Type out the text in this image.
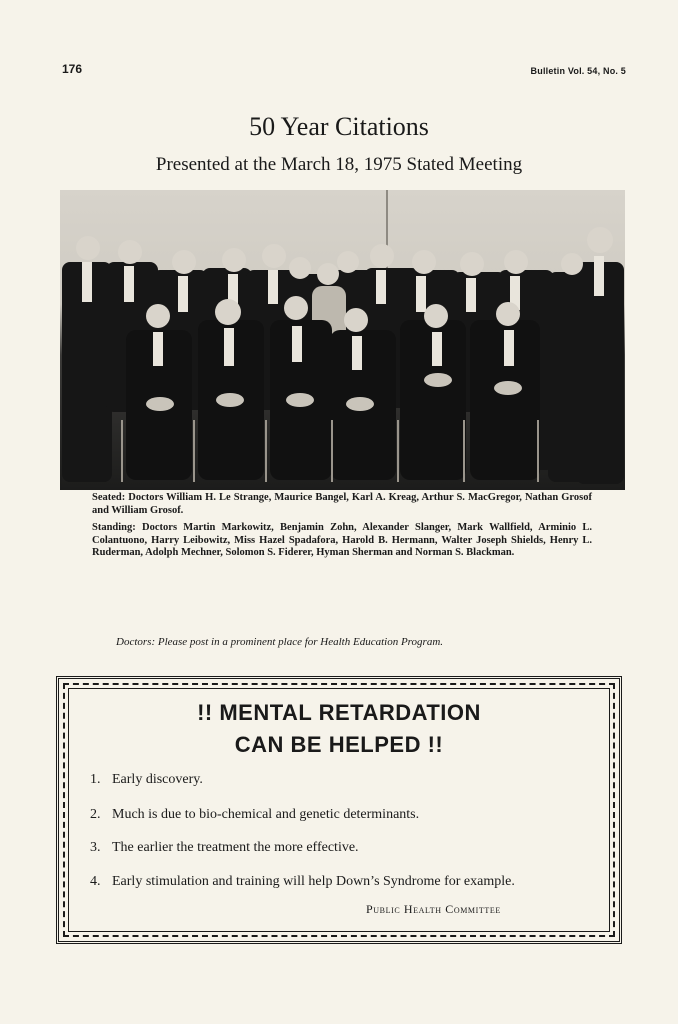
176	Bulletin Vol. 54, No. 5
50 Year Citations
Presented at the March 18, 1975 Stated Meeting
Seated: Doctors William H. Le Strange, Maurice Bangel, Karl A. Kreag, Arthur S. MacGregor, Nathan Grosof and William Grosof.
Standing: Doctors Martin Markowitz, Benjamin Zohn, Alexander Slanger, Mark Wallfield, Arminio L. Colantuono, Harry Leibowitz, Miss Hazel Spadafora, Harold B. Hermann, Walter Joseph Shields, Henry L. Ruderman, Adolph Mechner, Solomon S. Fiderer, Hyman Sherman and Norman S. Blackman.
Doctors: Please post in a prominent place for Health Education Program.
!! MENTAL RETARDATION
CAN BE HELPED !!
1. Early discovery.
2. Much is due to bio-chemical and genetic determinants.
3. The earlier the treatment the more effective.
4. Early stimulation and training will help Down’s Syndrome for example.
Public Health Committee
